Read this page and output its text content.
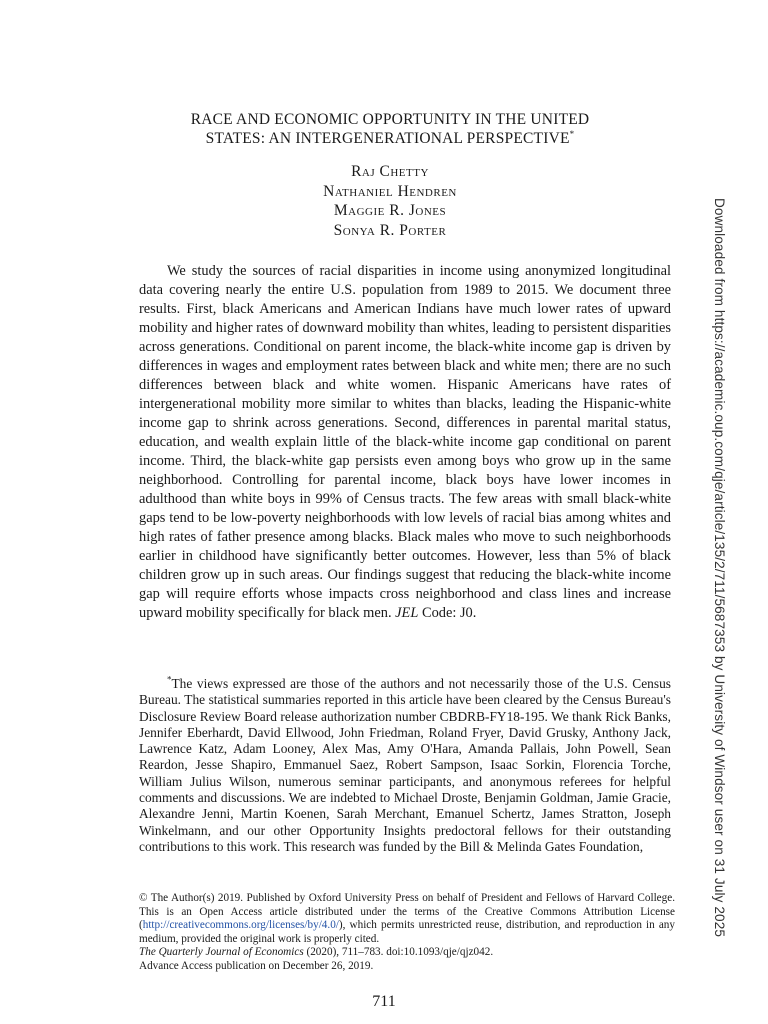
RACE AND ECONOMIC OPPORTUNITY IN THE UNITED
STATES: AN INTERGENERATIONAL PERSPECTIVE*
Raj Chetty
Nathaniel Hendren
Maggie R. Jones
Sonya R. Porter
We study the sources of racial disparities in income using anonymized longitudinal data covering nearly the entire U.S. population from 1989 to 2015. We document three results. First, black Americans and American Indians have much lower rates of upward mobility and higher rates of downward mobility than whites, leading to persistent disparities across generations. Conditional on parent income, the black-white income gap is driven by differences in wages and employment rates between black and white men; there are no such differences between black and white women. Hispanic Americans have rates of intergenerational mobility more similar to whites than blacks, leading the Hispanic-white income gap to shrink across generations. Second, differences in parental marital status, education, and wealth explain little of the black-white income gap conditional on parent income. Third, the black-white gap persists even among boys who grow up in the same neighborhood. Controlling for parental income, black boys have lower incomes in adulthood than white boys in 99% of Census tracts. The few areas with small black-white gaps tend to be low-poverty neighborhoods with low levels of racial bias among whites and high rates of father presence among blacks. Black males who move to such neighborhoods earlier in childhood have significantly better outcomes. However, less than 5% of black children grow up in such areas. Our findings suggest that reducing the black-white income gap will require efforts whose impacts cross neighborhood and class lines and increase upward mobility specifically for black men. JEL Code: J0.
*The views expressed are those of the authors and not necessarily those of the U.S. Census Bureau. The statistical summaries reported in this article have been cleared by the Census Bureau's Disclosure Review Board release authorization number CBDRB-FY18-195. We thank Rick Banks, Jennifer Eberhardt, David Ellwood, John Friedman, Roland Fryer, David Grusky, Anthony Jack, Lawrence Katz, Adam Looney, Alex Mas, Amy O'Hara, Amanda Pallais, John Powell, Sean Reardon, Jesse Shapiro, Emmanuel Saez, Robert Sampson, Isaac Sorkin, Florencia Torche, William Julius Wilson, numerous seminar participants, and anonymous referees for helpful comments and discussions. We are indebted to Michael Droste, Benjamin Goldman, Jamie Gracie, Alexandre Jenni, Martin Koenen, Sarah Merchant, Emanuel Schertz, James Stratton, Joseph Winkelmann, and our other Opportunity Insights predoctoral fellows for their outstanding contributions to this work. This research was funded by the Bill & Melinda Gates Foundation,
© The Author(s) 2019. Published by Oxford University Press on behalf of President and Fellows of Harvard College. This is an Open Access article distributed under the terms of the Creative Commons Attribution License (http://creativecommons.org/licenses/by/4.0/), which permits unrestricted reuse, distribution, and reproduction in any medium, provided the original work is properly cited.
The Quarterly Journal of Economics (2020), 711–783. doi:10.1093/qje/qjz042.
Advance Access publication on December 26, 2019.
711
Downloaded from https://academic.oup.com/qje/article/135/2/711/5687353 by University of Windsor user on 31 July 2025
